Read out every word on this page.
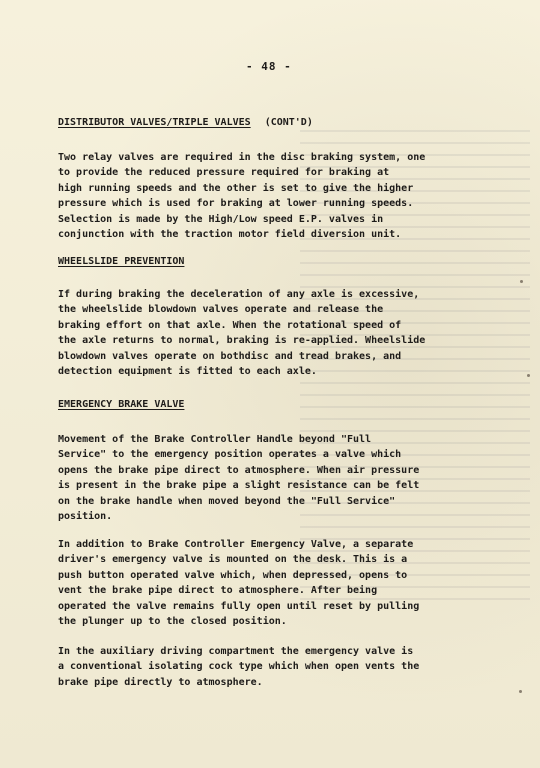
- 48 -
DISTRIBUTOR VALVES/TRIPLE VALVES (CONT'D)
Two relay valves are required in the disc braking system, one
to provide the reduced pressure required for braking at
high running speeds and the other is set to give the higher
pressure which is used for braking at lower running speeds.
Selection is made by the High/Low speed E.P. valves in
conjunction with the traction motor field diversion unit.
WHEELSLIDE PREVENTION
If during braking the deceleration of any axle is excessive,
the wheelslide blowdown valves operate and release the
braking effort on that axle. When the rotational speed of
the axle returns to normal, braking is re-applied. Wheelslide
blowdown valves operate on bothdisc and tread brakes, and
detection equipment is fitted to each axle.
EMERGENCY BRAKE VALVE
Movement of the Brake Controller Handle beyond "Full
Service" to the emergency position operates a valve which
opens the brake pipe direct to atmosphere. When air pressure
is present in the brake pipe a slight resistance can be felt
on the brake handle when moved beyond the "Full Service"
position.
In addition to Brake Controller Emergency Valve, a separate
driver's emergency valve is mounted on the desk. This is a
push button operated valve which, when depressed, opens to
vent the brake pipe direct to atmosphere. After being
operated the valve remains fully open until reset by pulling
the plunger up to the closed position.
In the auxiliary driving compartment the emergency valve is
a conventional isolating cock type which when open vents the
brake pipe directly to atmosphere.
